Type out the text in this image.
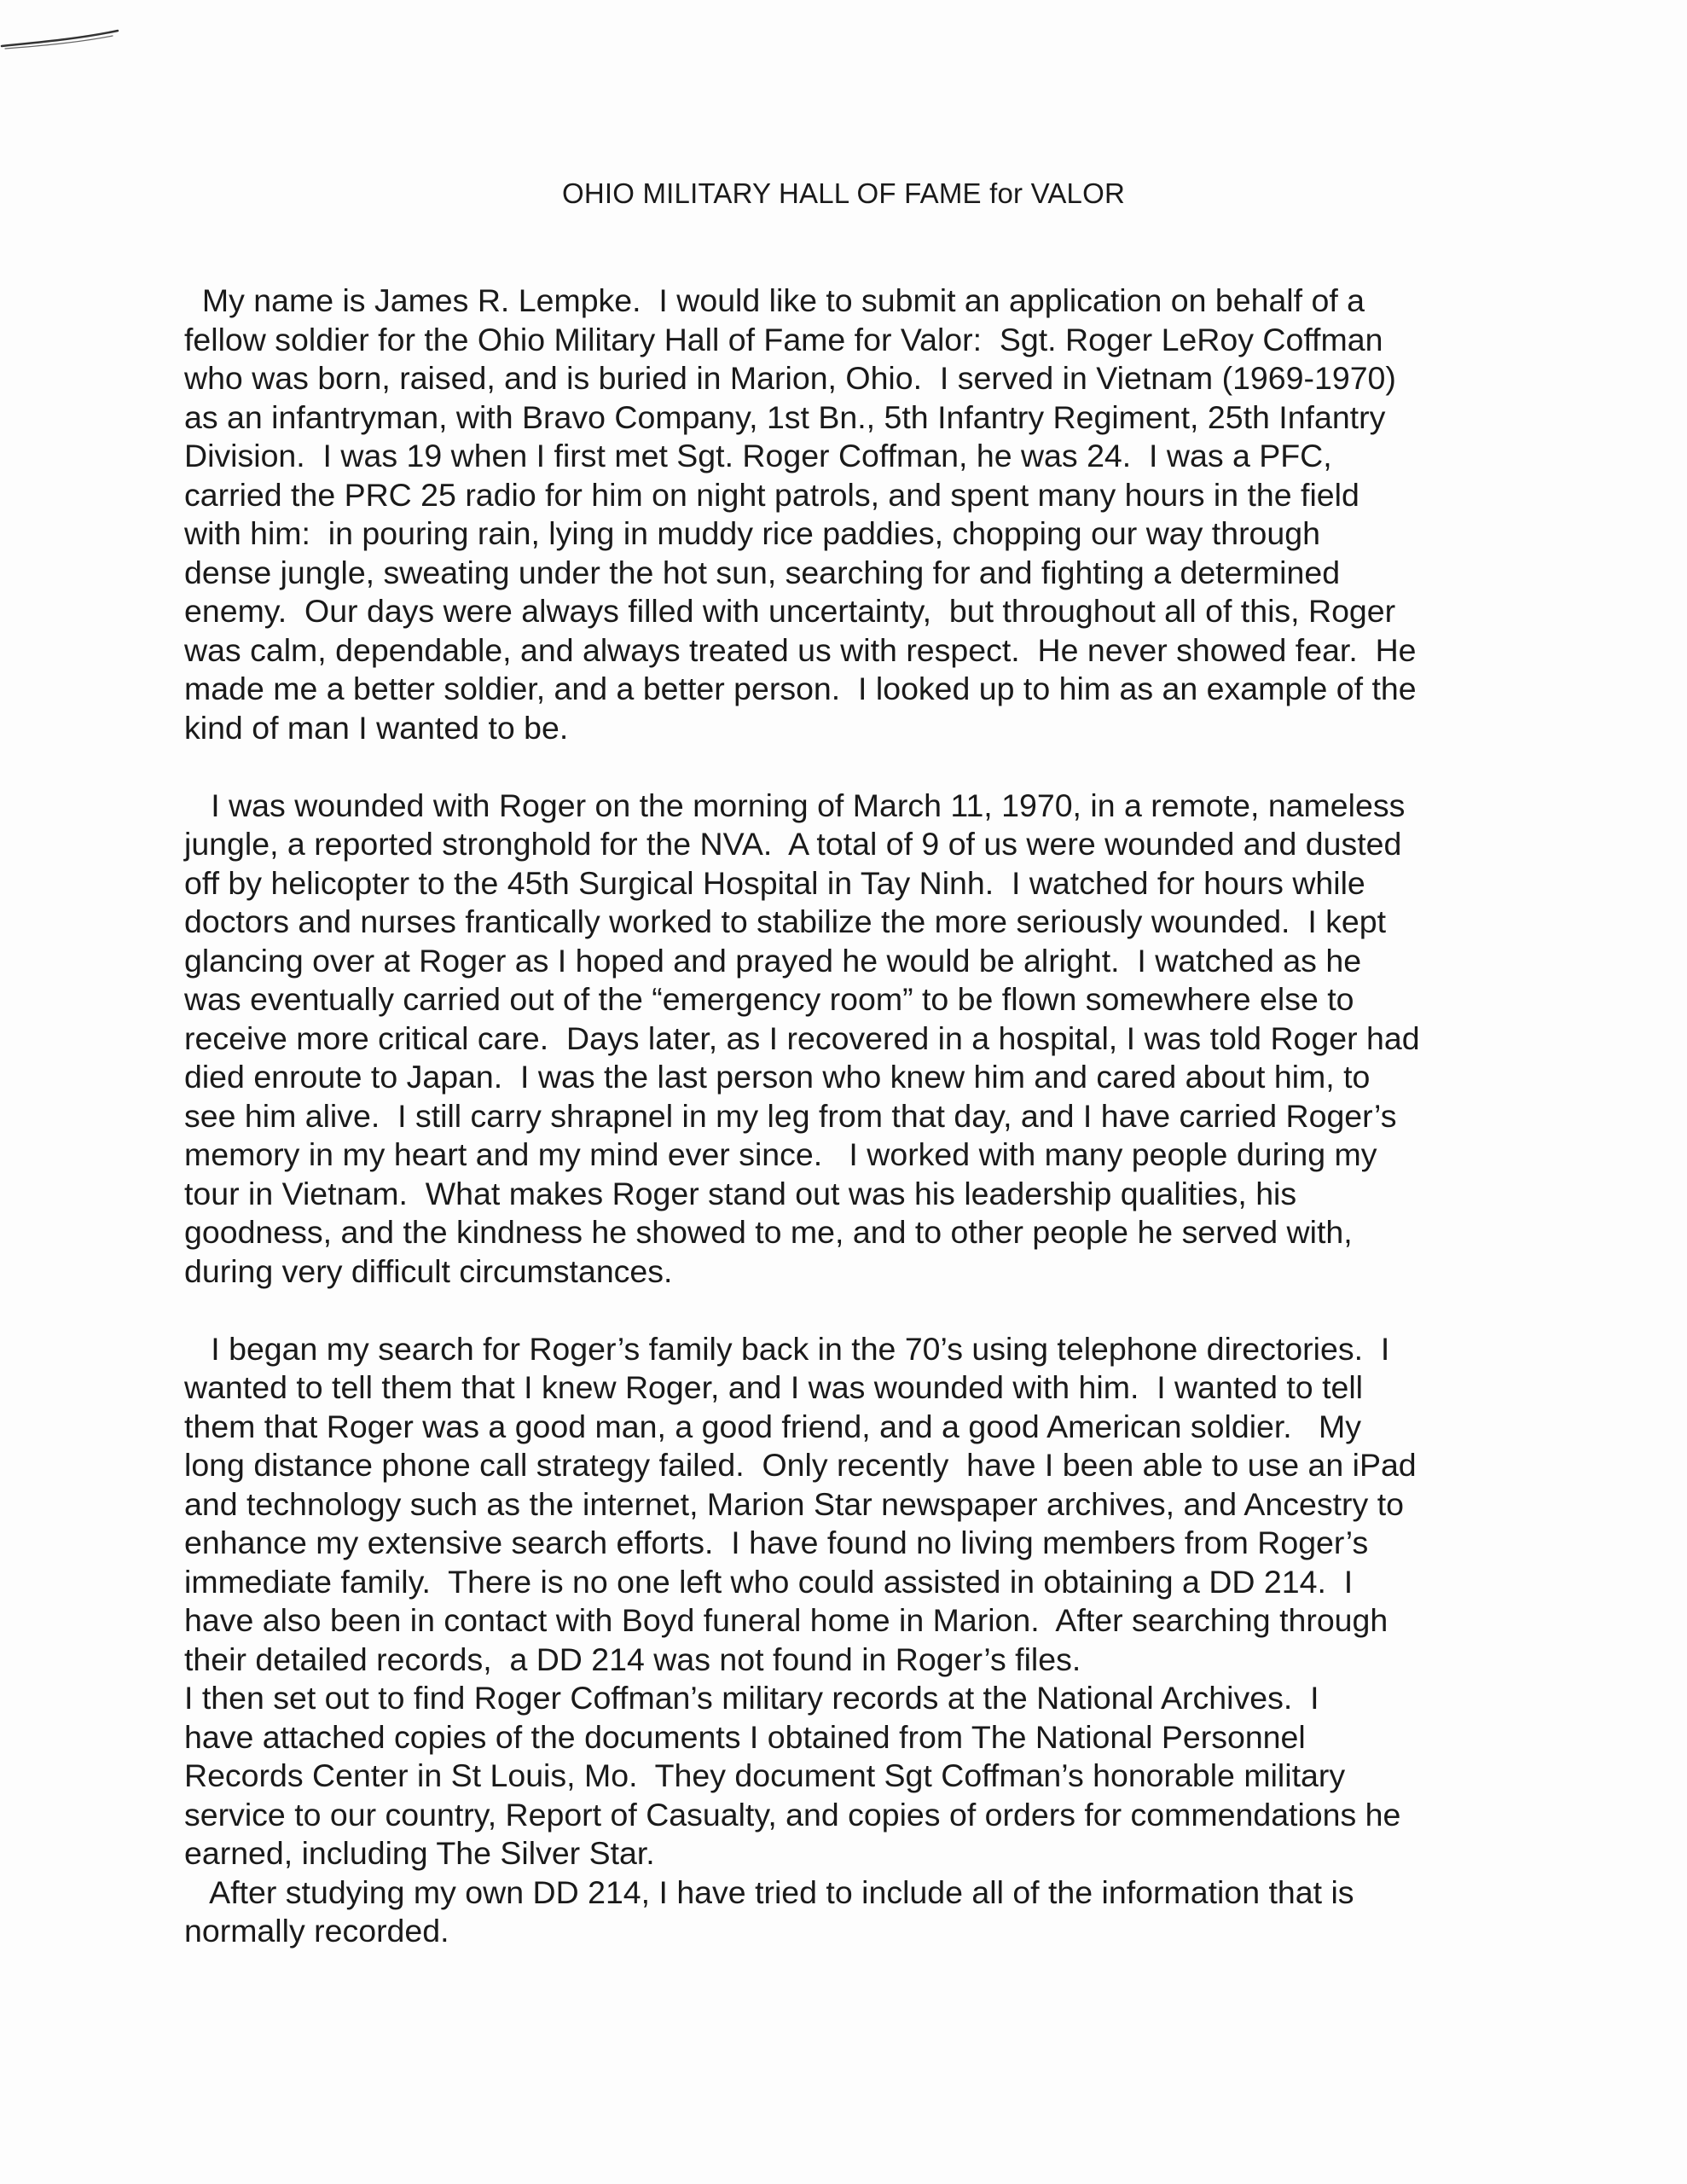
OHIO MILITARY HALL OF FAME for VALOR
My name is James R. Lempke.  I would like to submit an application on behalf of a
fellow soldier for the Ohio Military Hall of Fame for Valor:  Sgt. Roger LeRoy Coffman
who was born, raised, and is buried in Marion, Ohio.  I served in Vietnam (1969-1970)
as an infantryman, with Bravo Company, 1st Bn., 5th Infantry Regiment, 25th Infantry
Division.  I was 19 when I first met Sgt. Roger Coffman, he was 24.  I was a PFC,
carried the PRC 25 radio for him on night patrols, and spent many hours in the field
with him:  in pouring rain, lying in muddy rice paddies, chopping our way through
dense jungle, sweating under the hot sun, searching for and fighting a determined
enemy.  Our days were always filled with uncertainty,  but throughout all of this, Roger
was calm, dependable, and always treated us with respect.  He never showed fear.  He
made me a better soldier, and a better person.  I looked up to him as an example of the
kind of man I wanted to be.
I was wounded with Roger on the morning of March 11, 1970, in a remote, nameless
jungle, a reported stronghold for the NVA.  A total of 9 of us were wounded and dusted
off by helicopter to the 45th Surgical Hospital in Tay Ninh.  I watched for hours while
doctors and nurses frantically worked to stabilize the more seriously wounded.  I kept
glancing over at Roger as I hoped and prayed he would be alright.  I watched as he
was eventually carried out of the “emergency room” to be flown somewhere else to
receive more critical care.  Days later, as I recovered in a hospital, I was told Roger had
died enroute to Japan.  I was the last person who knew him and cared about him, to
see him alive.  I still carry shrapnel in my leg from that day, and I have carried Roger’s
memory in my heart and my mind ever since.   I worked with many people during my
tour in Vietnam.  What makes Roger stand out was his leadership qualities, his
goodness, and the kindness he showed to me, and to other people he served with,
during very difficult circumstances.
I began my search for Roger’s family back in the 70’s using telephone directories.  I
wanted to tell them that I knew Roger, and I was wounded with him.  I wanted to tell
them that Roger was a good man, a good friend, and a good American soldier.   My
long distance phone call strategy failed.  Only recently  have I been able to use an iPad
and technology such as the internet, Marion Star newspaper archives, and Ancestry to
enhance my extensive search efforts.  I have found no living members from Roger’s
immediate family.  There is no one left who could assisted in obtaining a DD 214.  I
have also been in contact with Boyd funeral home in Marion.  After searching through
their detailed records,  a DD 214 was not found in Roger’s files.
I then set out to find Roger Coffman’s military records at the National Archives.  I
have attached copies of the documents I obtained from The National Personnel
Records Center in St Louis, Mo.  They document Sgt Coffman’s honorable military
service to our country, Report of Casualty, and copies of orders for commendations he
earned, including The Silver Star.
After studying my own DD 214, I have tried to include all of the information that is
normally recorded.
